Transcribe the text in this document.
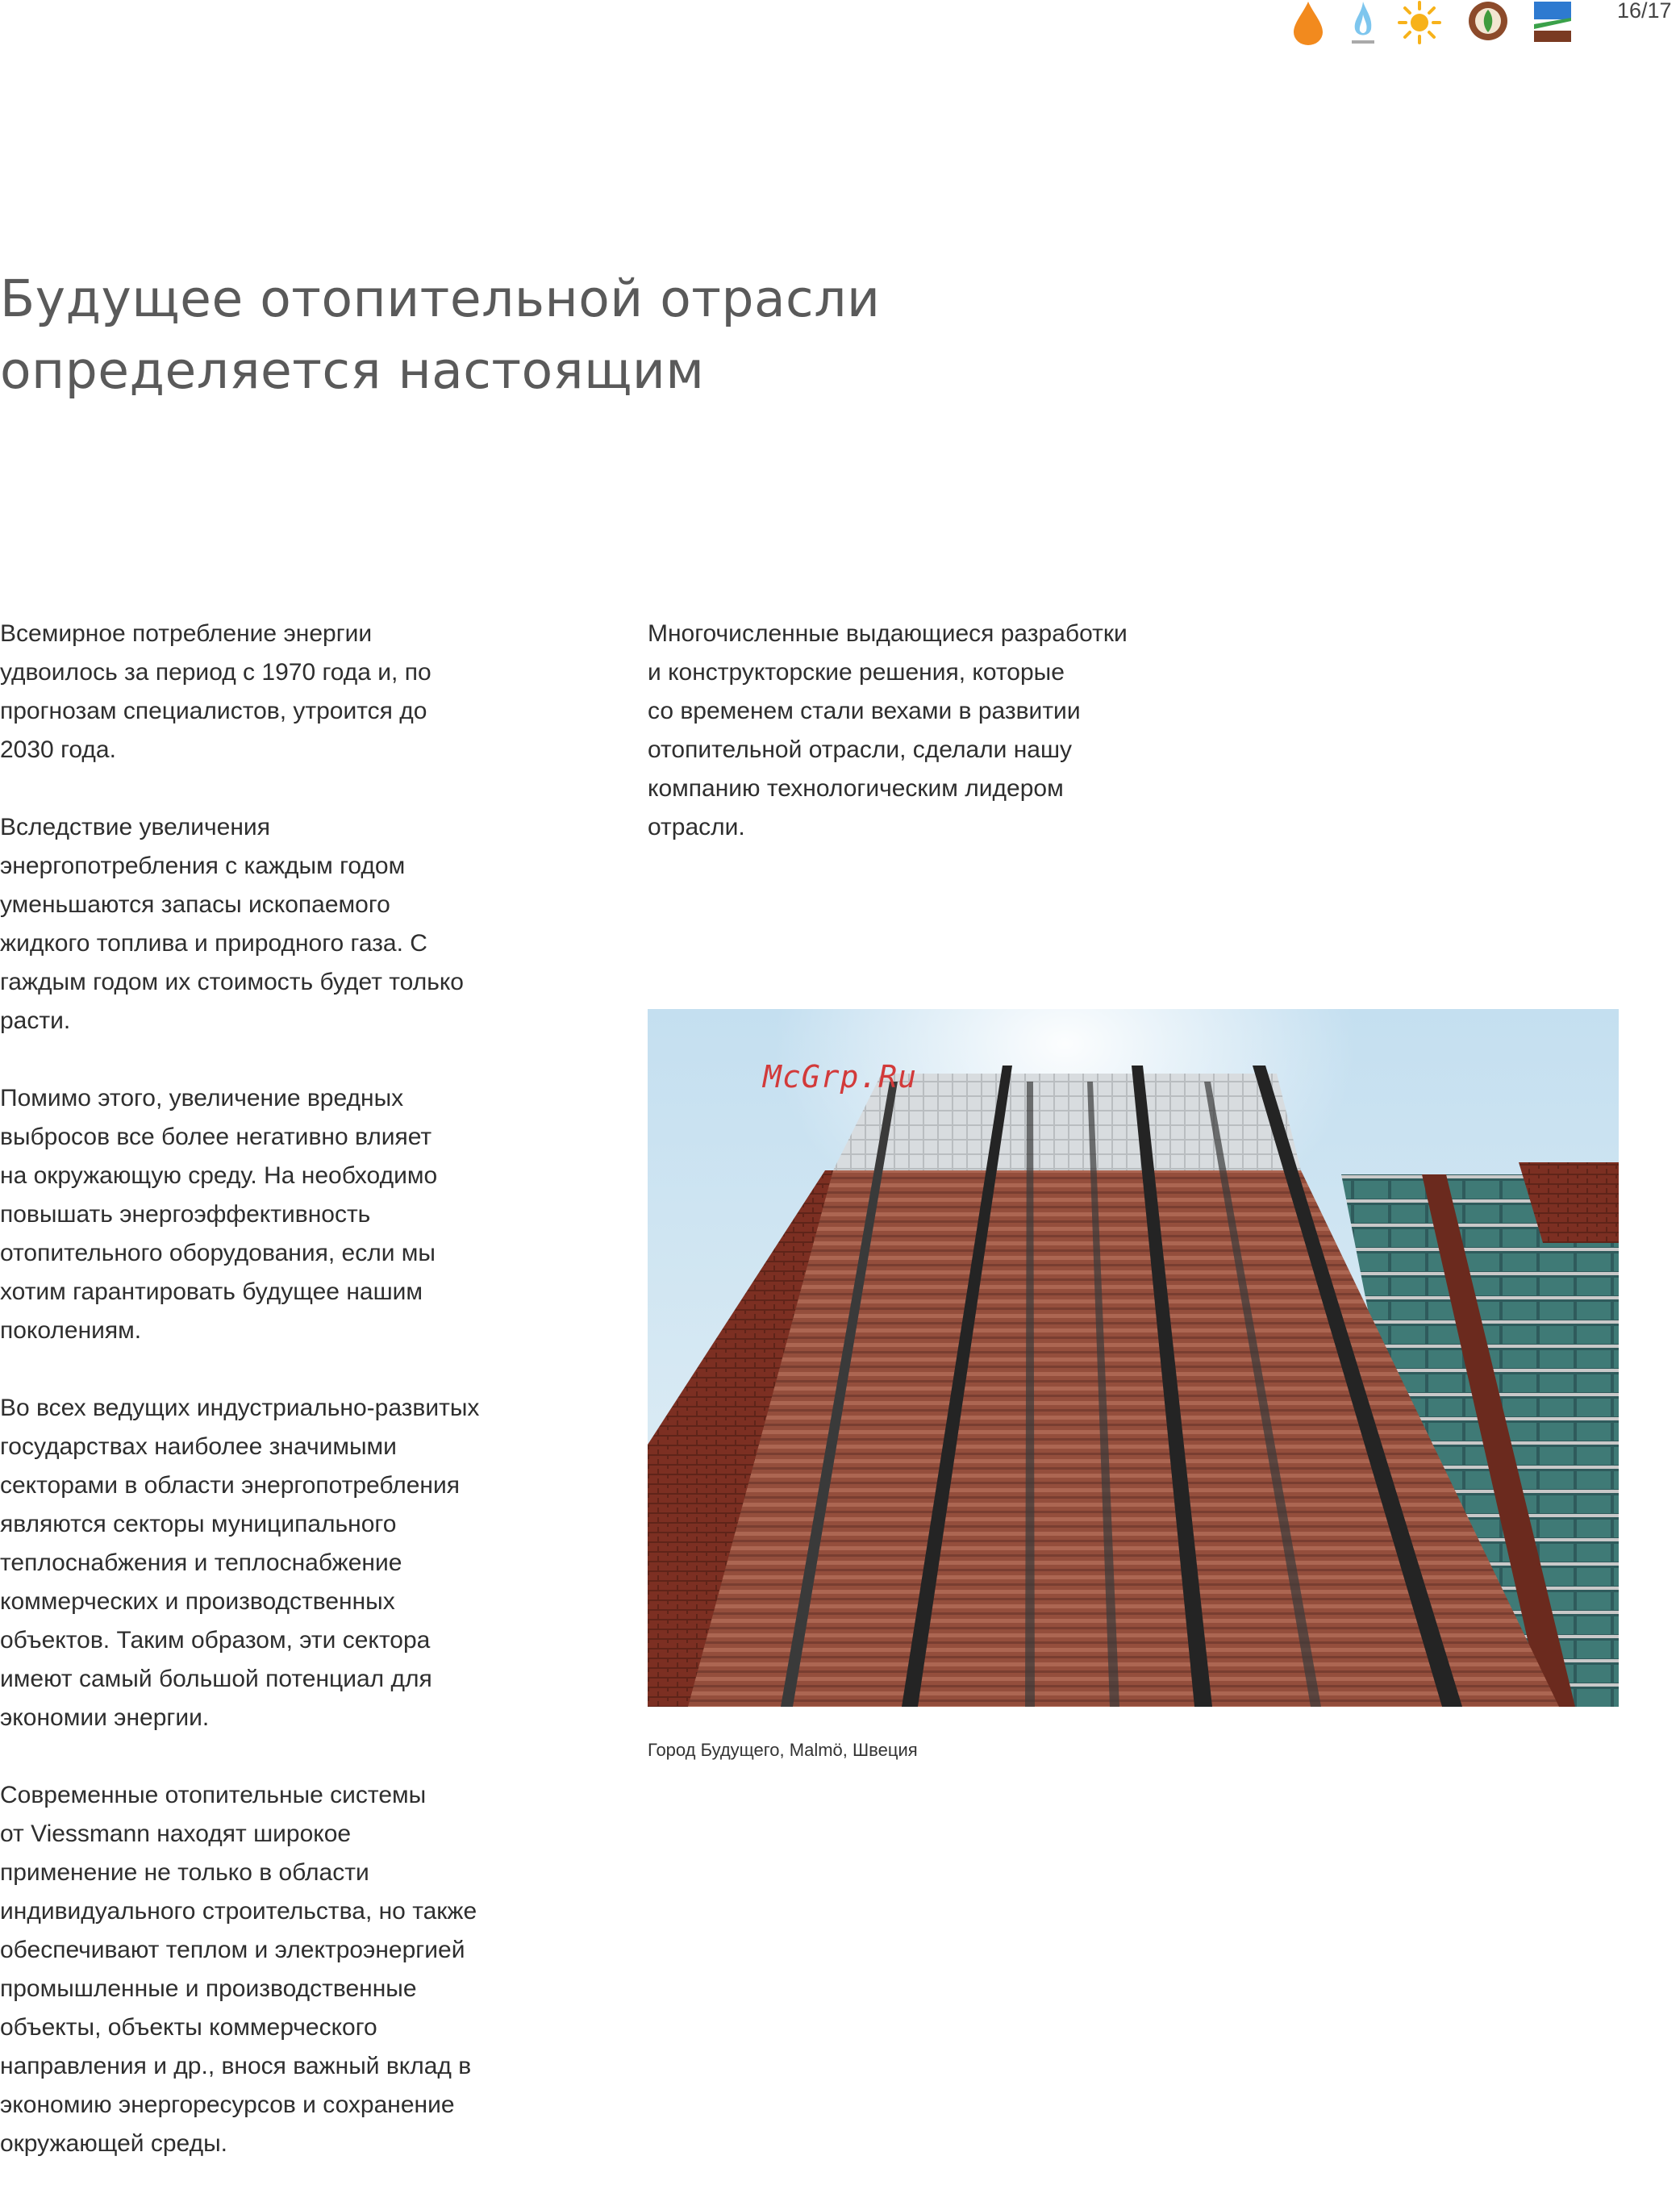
16/17
Будущее отопительной отрасли определяется настоящим

Всемирное потребление энергии
удвоилось за период с 1970 года и, по
прогнозам специалистов, утроится до
2030 года.

Вследствие увеличения
энергопотребления с каждым годом
уменьшаются запасы ископаемого
жидкого топлива и природного газа. С
гаждым годом их стоимость будет только
расти.

Помимо этого, увеличение вредных
выбросов все более негативно влияет
на окружающую среду. На необходимо
повышать энергоэффективность
отопительного оборудования, если мы
хотим гарантировать будущее нашим
поколениям.

Во всех ведущих индустриально-развитых
государствах наиболее значимыми
секторами в области энергопотребления
являются секторы муниципального
теплоснабжения и теплоснабжение
коммерческих и производственных
объектов. Таким образом, эти сектора
имеют самый большой потенциал для
экономии энергии.

Современные отопительные системы
от Viessmann находят широкое
применение не только в области
индивидуального строительства, но также
обеспечивают теплом и электроэнергией
промышленные и производственные
объекты, объекты коммерческого
направления и др., внося важный вклад в
экономию энергоресурсов и сохранение
окружающей среды.

Многочисленные выдающиеся разработки
и конструкторские решения, которые
со временем стали вехами в развитии
отопительной отрасли, сделали нашу
компанию технологическим лидером
отрасли.

McGrp.Ru
Город Будущего, Malmö, Швеция
